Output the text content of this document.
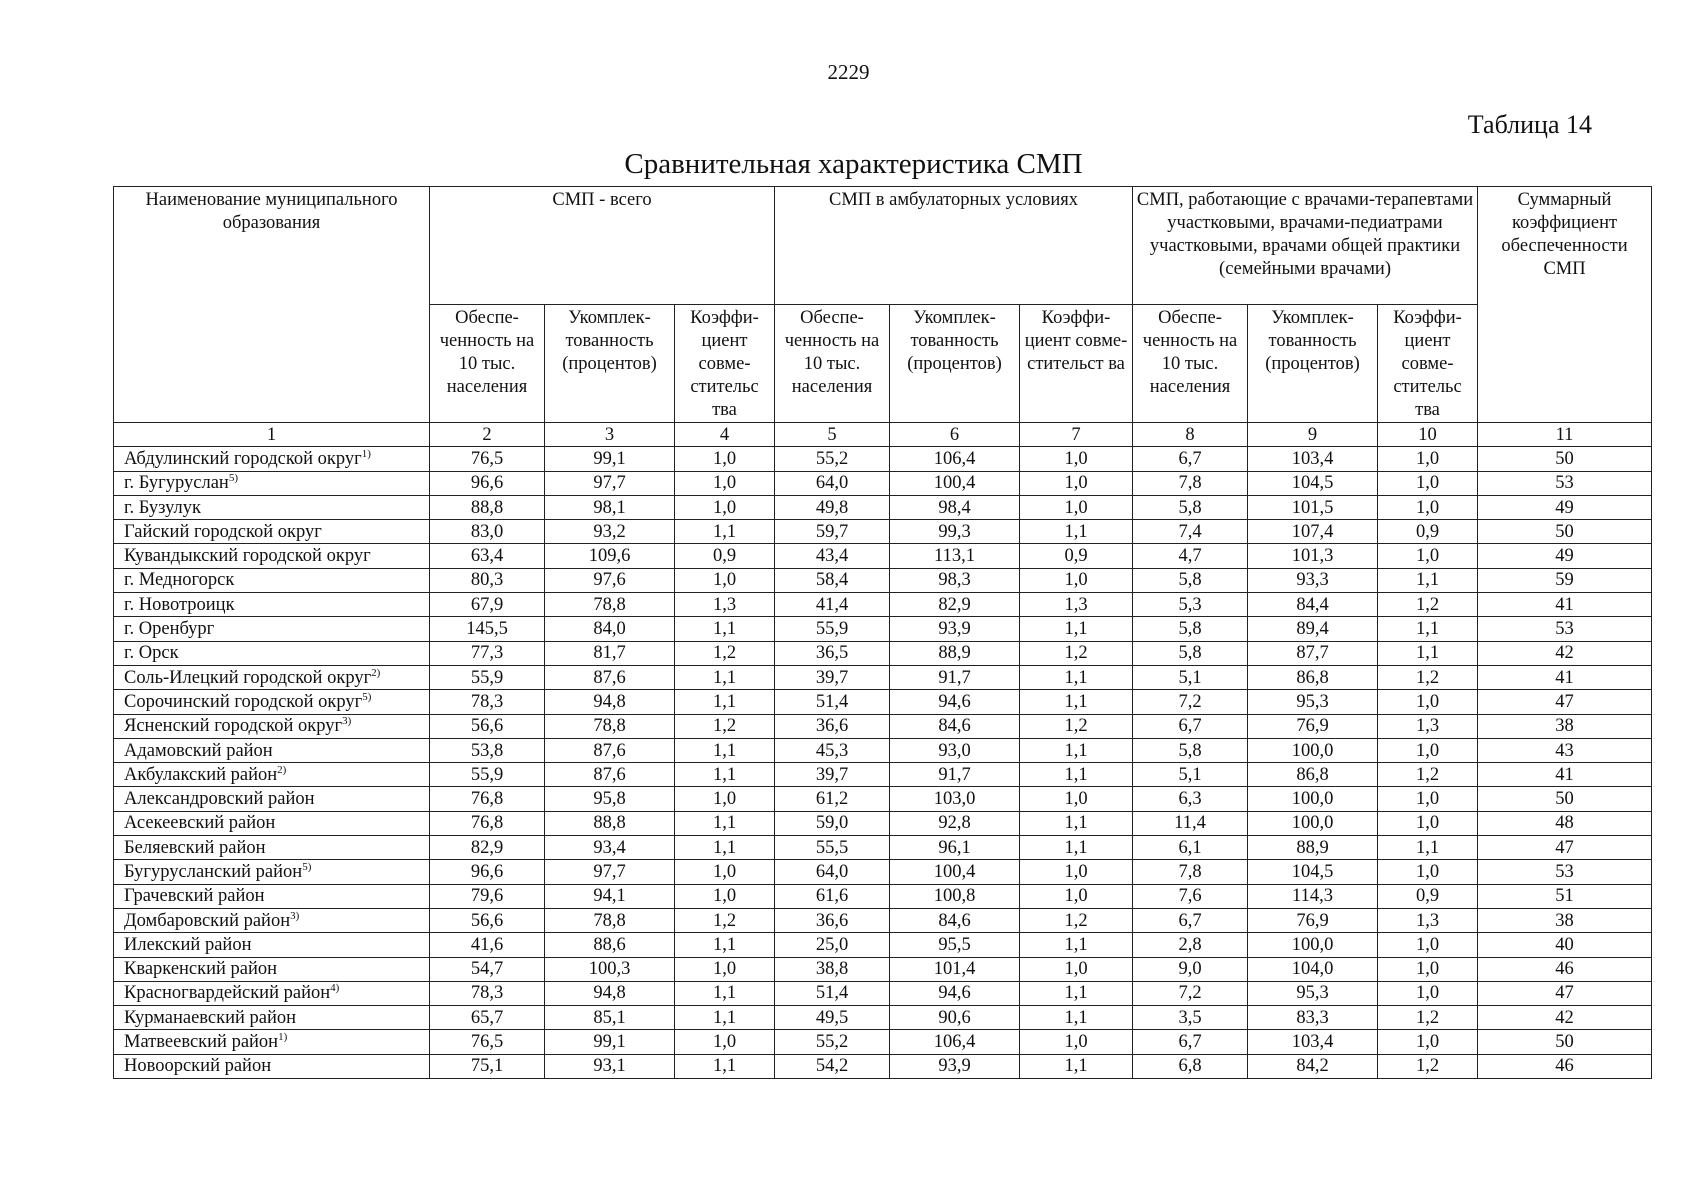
2229
Таблица 14
Сравнительная характеристика СМП
Наименование муниципального образования	СМП - всего			СМП в амбулаторных условиях			СМП, работающие с врачами-терапевтами участковыми, врачами-педиатрами участковыми, врачами общей практики (семейными врачами)			Суммарный коэффициент обеспеченности СМП
	Обеспе-ченность на 10 тыс. населения	Укомплек-тованность (процентов)	Коэффи-циент совме-стительс тва	Обеспе-ченность на 10 тыс. населения	Укомплек-тованность (процентов)	Коэффи-циент совме-стительст ва	Обеспе-ченность на 10 тыс. населения	Укомплек-тованность (процентов)	Коэффи-циент совме-стительс тва	
1	2	3	4	5	6	7	8	9	10	11
Абдулинский городской округ$^{1)}$	76,5	99,1	1,0	55,2	106,4	1,0	6,7	103,4	1,0	50
г. Бугуруслан$^{5)}$	96,6	97,7	1,0	64,0	100,4	1,0	7,8	104,5	1,0	53
г. Бузулук	88,8	98,1	1,0	49,8	98,4	1,0	5,8	101,5	1,0	49
Гайский городской округ	83,0	93,2	1,1	59,7	99,3	1,1	7,4	107,4	0,9	50
Кувандыкский городской округ	63,4	109,6	0,9	43,4	113,1	0,9	4,7	101,3	1,0	49
г. Медногорск	80,3	97,6	1,0	58,4	98,3	1,0	5,8	93,3	1,1	59
г. Новотроицк	67,9	78,8	1,3	41,4	82,9	1,3	5,3	84,4	1,2	41
г. Оренбург	145,5	84,0	1,1	55,9	93,9	1,1	5,8	89,4	1,1	53
г. Орск	77,3	81,7	1,2	36,5	88,9	1,2	5,8	87,7	1,1	42
Соль-Илецкий городской округ$^{2)}$	55,9	87,6	1,1	39,7	91,7	1,1	5,1	86,8	1,2	41
Сорочинский городской округ$^{5)}$	78,3	94,8	1,1	51,4	94,6	1,1	7,2	95,3	1,0	47
Ясненский городской округ$^{3)}$	56,6	78,8	1,2	36,6	84,6	1,2	6,7	76,9	1,3	38
Адамовский район	53,8	87,6	1,1	45,3	93,0	1,1	5,8	100,0	1,0	43
Акбулакский район$^{2)}$	55,9	87,6	1,1	39,7	91,7	1,1	5,1	86,8	1,2	41
Александровский район	76,8	95,8	1,0	61,2	103,0	1,0	6,3	100,0	1,0	50
Асекеевский район	76,8	88,8	1,1	59,0	92,8	1,1	11,4	100,0	1,0	48
Беляевский район	82,9	93,4	1,1	55,5	96,1	1,1	6,1	88,9	1,1	47
Бугурусланский район$^{5)}$	96,6	97,7	1,0	64,0	100,4	1,0	7,8	104,5	1,0	53
Грачевский район	79,6	94,1	1,0	61,6	100,8	1,0	7,6	114,3	0,9	51
Домбаровский район$^{3)}$	56,6	78,8	1,2	36,6	84,6	1,2	6,7	76,9	1,3	38
Илекский район	41,6	88,6	1,1	25,0	95,5	1,1	2,8	100,0	1,0	40
Кваркенский район	54,7	100,3	1,0	38,8	101,4	1,0	9,0	104,0	1,0	46
Красногвардейский район$^{4)}$	78,3	94,8	1,1	51,4	94,6	1,1	7,2	95,3	1,0	47
Курманаевский район	65,7	85,1	1,1	49,5	90,6	1,1	3,5	83,3	1,2	42
Матвеевский район$^{1)}$	76,5	99,1	1,0	55,2	106,4	1,0	6,7	103,4	1,0	50
Новоорский район	75,1	93,1	1,1	54,2	93,9	1,1	6,8	84,2	1,2	46
